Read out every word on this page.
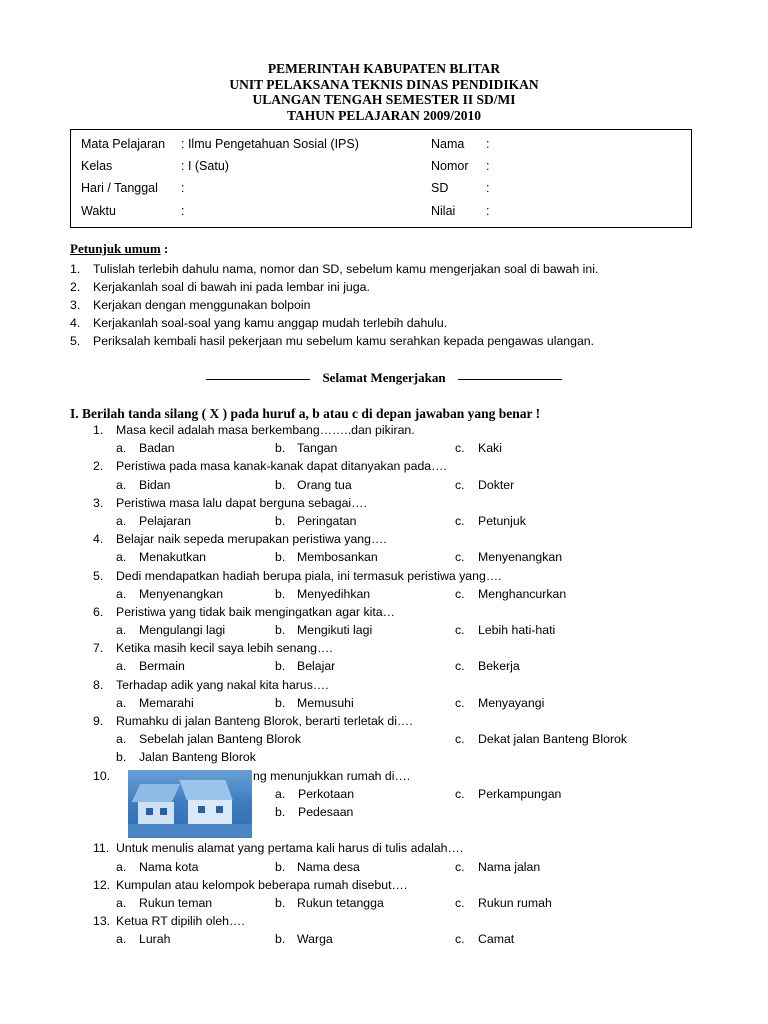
PEMERINTAH KABUPATEN BLITAR
UNIT PELAKSANA TEKNIS DINAS PENDIDIKAN
ULANGAN TENGAH SEMESTER II SD/MI
TAHUN PELAJARAN 2009/2010
Mata Pelajaran : Ilmu Pengetahuan Sosial (IPS)	Nama :
Kelas	: I (Satu)	Nomor :
Hari / Tanggal :	SD	:
Waktu	:	Nilai :
Petunjuk umum :
1. Tulislah terlebih dahulu nama, nomor dan SD, sebelum kamu mengerjakan soal di bawah ini.
2. Kerjakanlah soal di bawah ini pada lembar ini juga.
3. Kerjakan dengan menggunakan bolpoin
4. Kerjakanlah soal-soal yang kamu anggap mudah terlebih dahulu.
5. Periksalah kembali hasil pekerjaan mu sebelum kamu serahkan kepada pengawas ulangan.
Selamat Mengerjakan
I. Berilah tanda silang ( X ) pada huruf a, b atau c di depan jawaban yang benar !
1. Masa kecil adalah masa berkembang……..dan pikiran.
a. Badan	b. Tangan	c. Kaki
2. Peristiwa pada masa kanak-kanak dapat ditanyakan pada….
a. Bidan	b. Orang tua	c. Dokter
3. Peristiwa masa lalu dapat berguna sebagai….
a. Pelajaran	b. Peringatan	c. Petunjuk
4. Belajar naik sepeda merupakan peristiwa yang….
a. Menakutkan	b. Membosankan	c. Menyenangkan
5. Dedi mendapatkan hadiah berupa piala, ini termasuk peristiwa yang….
a. Menyenangkan	b. Menyedihkan	c. Menghancurkan
6. Peristiwa yang tidak baik mengingatkan agar kita…
a. Mengulangi lagi	b. Mengikuti lagi	c. Lebih hati-hati
7. Ketika masih kecil saya lebih senang….
a. Bermain	b. Belajar	c. Bekerja
8. Terhadap adik yang nakal kita harus….
a. Memarahi	b. Memusuhi	c. Menyayangi
9. Rumahku di jalan Banteng Blorok, berarti terletak di….
a. Sebelah jalan Banteng Blorok	c. Dekat jalan Banteng Blorok
b. Jalan Banteng Blorok
10.	ng menunjukkan rumah di….
a. Perkotaan	c. Perkampungan
b. Pedesaan
11. Untuk menulis alamat yang pertama kali harus di tulis adalah….
a. Nama kota	b. Nama desa	c. Nama jalan
12. Kumpulan atau kelompok beberapa rumah disebut….
a. Rukun teman	b. Rukun tetangga	c. Rukun rumah
13. Ketua RT dipilih oleh….
a. Lurah	b. Warga	c. Camat
